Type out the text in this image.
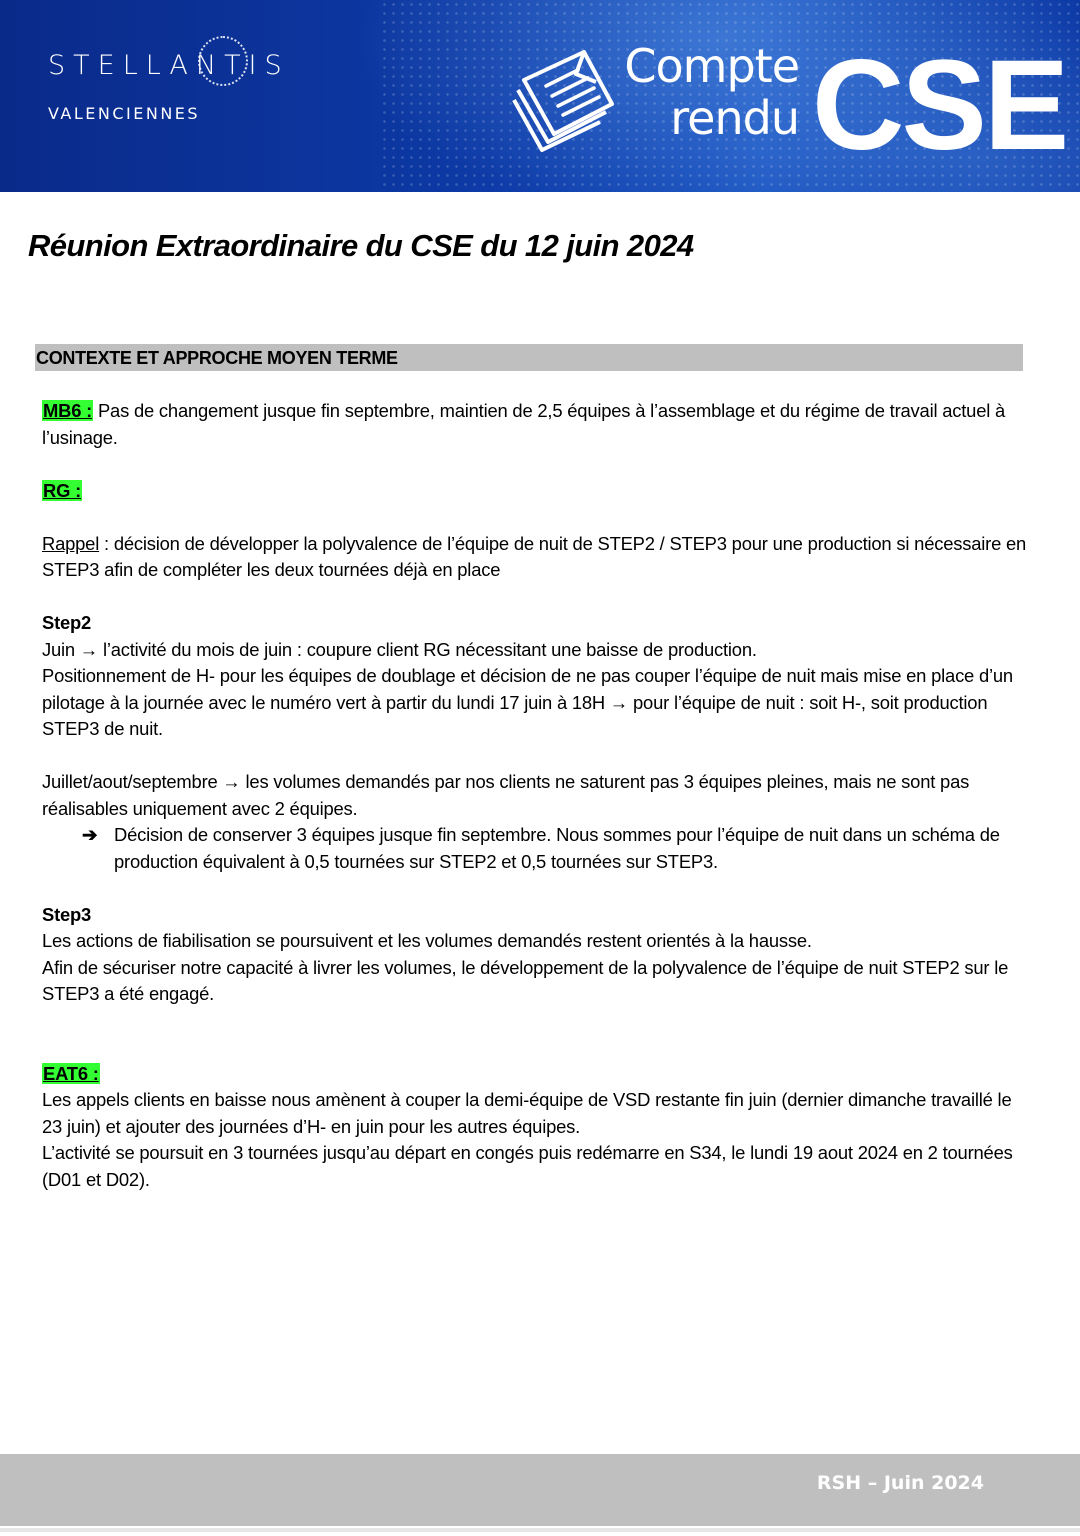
STELLANTIS
VALENCIENNES
Compte
rendu CSE
Réunion Extraordinaire du CSE du 12 juin 2024
CONTEXTE ET APPROCHE MOYEN TERME

MB6 : Pas de changement jusque fin septembre, maintien de 2,5 équipes à l’assemblage et du régime de travail actuel à l’usinage.

RG :

Rappel : décision de développer la polyvalence de l’équipe de nuit de STEP2 / STEP3 pour une production si nécessaire en STEP3 afin de compléter les deux tournées déjà en place

Step2

Juin → l’activité du mois de juin : coupure client RG nécessitant une baisse de production.

Positionnement de H- pour les équipes de doublage et décision de ne pas couper l’équipe de nuit mais mise en place d’un pilotage à la journée avec le numéro vert à partir du lundi 17 juin à 18H → pour l’équipe de nuit : soit H-, soit production STEP3 de nuit.

Juillet/aout/septembre → les volumes demandés par nos clients ne saturent pas 3 équipes pleines, mais ne sont pas réalisables uniquement avec 2 équipes.

➔ Décision de conserver 3 équipes jusque fin septembre. Nous sommes pour l’équipe de nuit dans un schéma de production équivalent à 0,5 tournées sur STEP2 et 0,5 tournées sur STEP3.

Step3

Les actions de fiabilisation se poursuivent et les volumes demandés restent orientés à la hausse.

Afin de sécuriser notre capacité à livrer les volumes, le développement de la polyvalence de l’équipe de nuit STEP2 sur le STEP3 a été engagé.

EAT6 :

Les appels clients en baisse nous amènent à couper la demi-équipe de VSD restante fin juin (dernier dimanche travaillé le 23 juin) et ajouter des journées d’H- en juin pour les autres équipes.

L’activité se poursuit en 3 tournées jusqu’au départ en congés puis redémarre en S34, le lundi 19 aout 2024 en 2 tournées (D01 et D02).

RSH – Juin 2024
